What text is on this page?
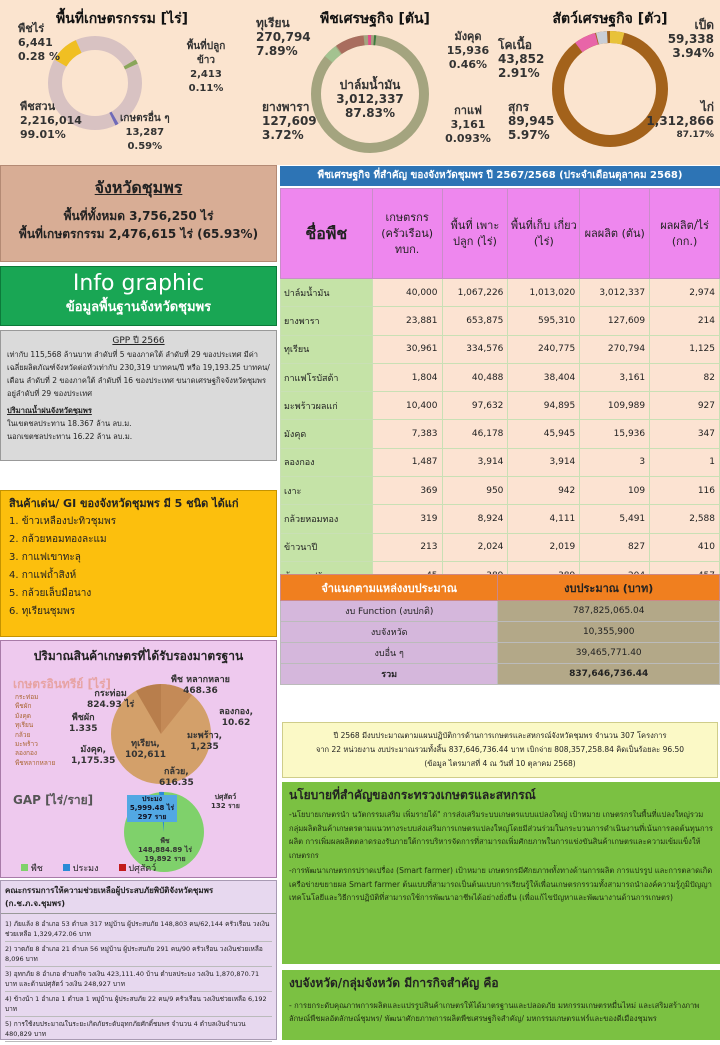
พื้นที่เกษตรกรรม [ไร่]
พืชไร่
6,441
0.28 %
พื้นที่ปลูกข้าว
2,413
0.11%
เกษตรอื่น ๆ
13,287
0.59%
พืชสวน
2,216,014
99.01%
พืชเศรษฐกิจ [ตัน]
ทุเรียน
270,794
7.89%
มังคุด
15,936
0.46%
กาแฟ
3,161
0.093%
ปาล์มน้ำมัน
3,012,337
87.83%
ยางพารา
127,609
3.72%
สัตว์เศรษฐกิจ [ตัว]	เป็ด
59,338
3.94%
ไก่
1,312,866
87.17%
สุกร
89,945
5.97%
โคเนื้อ
43,852
2.91%
จังหวัดชุมพร
พื้นที่ทั้งหมด 3,756,250 ไร่
พื้นที่เกษตรกรรม 2,476,615 ไร่ (65.93%)
Info graphic
ข้อมูลพื้นฐานจังหวัดชุมพร
GPP ปี 2566
เท่ากับ 115,568 ล้านบาท ลำดับที่ 5 ของภาคใต้ ลำดับที่ 29 ของประเทศ มีค่าเฉลี่ยผลิตภัณฑ์จังหวัดต่อหัวเท่ากับ 230,319 บาทคน/ปี หรือ 19,193.25 บาทคน/เดือน ลำดับที่ 2 ของภาคใต้ ลำดับที่ 16 ของประเทศ ขนาดเศรษฐกิจจังหวัดชุมพรอยู่ลำดับที่ 29 ของประเทศ
ปริมาณน้ำฝนจังหวัดชุมพร
ในเขตชลประทาน 18.367 ล้าน ลบ.ม.
นอกเขตชลประทาน 16.22 ล้าน ลบ.ม.
สินค้าเด่น/ GI ของจังหวัดชุมพร มี 5 ชนิด ได้แก่
1. ข้าวเหลืองปะทิวชุมพร
2. กล้วยหอมทองละแม
3. กาแฟเขาทะลุ
4. กาแฟถ้ำสิงห์
5. กล้วยเล็บมือนาง
6. ทุเรียนชุมพร
ปริมาณสินค้าเกษตรที่ได้รับรองมาตรฐาน
เกษตรอินทรีย์ [ไร่]
กระท่อม
พืชผัก
มังคุด
ทุเรียน
กล้วย
มะพร้าว
ลองกอง
พืชหลากหลาย
กระท่อม
824.93 ไร่
พืช หลากหลาย
468.36
ลองกอง,
10.62
พืชผัก
1.335
ทุเรียน,
102,611
มะพร้าว,
1,235
มังคุด,
1,175.35
กล้วย,
616.35
GAP [ไร่/ราย]	ประมง
5,999.48 ไร่ 297 ราย
ปศุสัตว์
132 ราย
พืช
148,884.89 ไร่ 19,892 ราย
พืช	ประมง	ปศุสัตว์
คณะกรรมการให้ความช่วยเหลือผู้ประสบภัยพิบัติจังหวัดชุมพร (ก.ช.ภ.จ.ชุมพร)
1) ภัยแล้ง 8 อำเภอ 53 ตำบล 317 หมู่บ้าน ผู้ประสบภัย 148,803 คน/62,144 ครัวเรือน วงเงินช่วยเหลือ 1,329,472.06 บาท
2) วาตภัย 8 อำเภอ 21 ตำบล 56 หมู่บ้าน ผู้ประสบภัย 291 คน/90 ครัวเรือน วงเงินช่วยเหลือ 8,096 บาท
3) อุทกภัย 8 อำเภอ ตำบลกิจ วงเงิน 423,111.40 บ้าน ตำบลประมง วงเงิน 1,870,870.71 บาท และด้านปศุสัตว์ วงเงิน 248,927 บาท
4) ข้างน้า 1 อำเภอ 1 ตำบล 1 หมู่บ้าน ผู้ประสบภัย 22 คน/9 ครัวเรือน วงเงินช่วยเหลือ 6,192 บาท
5) การใช้งบประมาณในระยะเกิดภัยระดับอุทกภัยศักดิ์ชมพร จำนวน 4 ตำบลเงินจำนวน 480,829 บาท
พืชเศรษฐกิจ ที่สำคัญ ของจังหวัดชุมพร ปี 2567/2568 (ประจำเดือนตุลาคม 2568)
ชื่อพืช	เกษตรกร (ครัวเรือน) ทบก.	พื้นที่ เพาะปลูก (ไร่)	พื้นที่เก็บ เกี่ยว (ไร่)	ผลผลิต (ตัน)	ผลผลิต/ไร่ (กก.)
ปาล์มน้ำมัน	40,000	1,067,226	1,013,020	3,012,337	2,974
ยางพารา	23,881	653,875	595,310	127,609	214
ทุเรียน	30,961	334,576	240,775	270,794	1,125
กาแฟโรบัสต้า	1,804	40,488	38,404	3,161	82
มะพร้าวผลแก่	10,400	97,632	94,895	109,989	927
มังคุด	7,383	46,178	45,945	15,936	347
ลองกอง	1,487	3,914	3,914	3	1
เงาะ	369	950	942	109	116
กล้วยหอมทอง	319	8,924	4,111	5,491	2,588
ข้าวนาปี	213	2,024	2,019	827	410

จำแนกตามแหล่งงบประมาณ	งบประมาณ (บาท)
งบ Function (งบปกติ)	787,825,065.04
งบจังหวัด	10,355,900
งบอื่น ๆ	39,465,771.40
รวม	837,646,736.44
ปี 2568 มีงบประมาณตามแผนปฏิบัติการด้านการเกษตรและสหกรณ์จังหวัดชุมพร จำนวน 307 โครงการ
จาก 22 หน่วยงาน งบประมาณรวมทั้งสิ้น 837,646,736.44 บาท เบิกจ่าย 808,357,258.84 คิดเป็นร้อยละ 96.50
(ข้อมูล ไตรมาสที่ 4 ณ วันที่ 10 ตุลาคม 2568)
นโยบายที่สำคัญของกระทรวงเกษตรและสหกรณ์
-นโยบายเกษตรนำ นวัตกรรมเสริม เพิ่มรายได้" การส่งเสริมระบบเกษตรแบบแปลงใหญ่ เป้าหมาย เกษตรกรในพื้นที่แปลงใหญ่รวมกลุ่มผลิตสินค้าเกษตรตามแนวทางระบบส่งเสริมการเกษตรแปลงใหญ่โดยมีส่วนร่วมในกระบวนการดำเนินงานที่เน้นการลดต้นทุนการผลิต การเพิ่มผลผลิตตลาดรองรับภายใต้การบริหารจัดการที่สามารถเพิ่มศักยภาพในการแข่งขันสินค้าเกษตรและความเข้มแข็งให้เกษตรกร
-การพัฒนาเกษตรกรปราดเปรื่อง (Smart farmer) เป้าหมาย เกษตรกรมีศักยภาพทั้งทางด้านการผลิต การแปรรูป และการตลาดเกิดเครือข่ายขยายผล Smart farmer ต้นแบบที่สามารถเป็นต้นแบบการเรียนรู้ให้เพื่อนเกษตรกรรวมทั้งสามารถนำองค์ความรู้ภูมิปัญญา เทคโนโลยีและวิธีการปฏิบัติที่สามารถใช้การพัฒนาอาชีพได้อย่างยั่งยืน (เพื่อแก้ไขปัญหาและพัฒนางานด้านการเกษตร)
งบจังหวัด/กลุ่มจังหวัด มีการกิจสำคัญ คือ
- การยกระดับคุณภาพการผลิตและแปรรูปสินค้าเกษตรให้ได้มาตรฐานและปลอดภัย มหกรรมเกษตรหมื่นไหม่ และเสริมสร้างภาพลักษณ์พืชผลอัตลักษณ์ชุมพร/ พัฒนาศักยภาพการผลิตพืชเศรษฐกิจสำคัญ/ มหกรรมเกษตรแฟร์และของดีเมืองชุมพร
